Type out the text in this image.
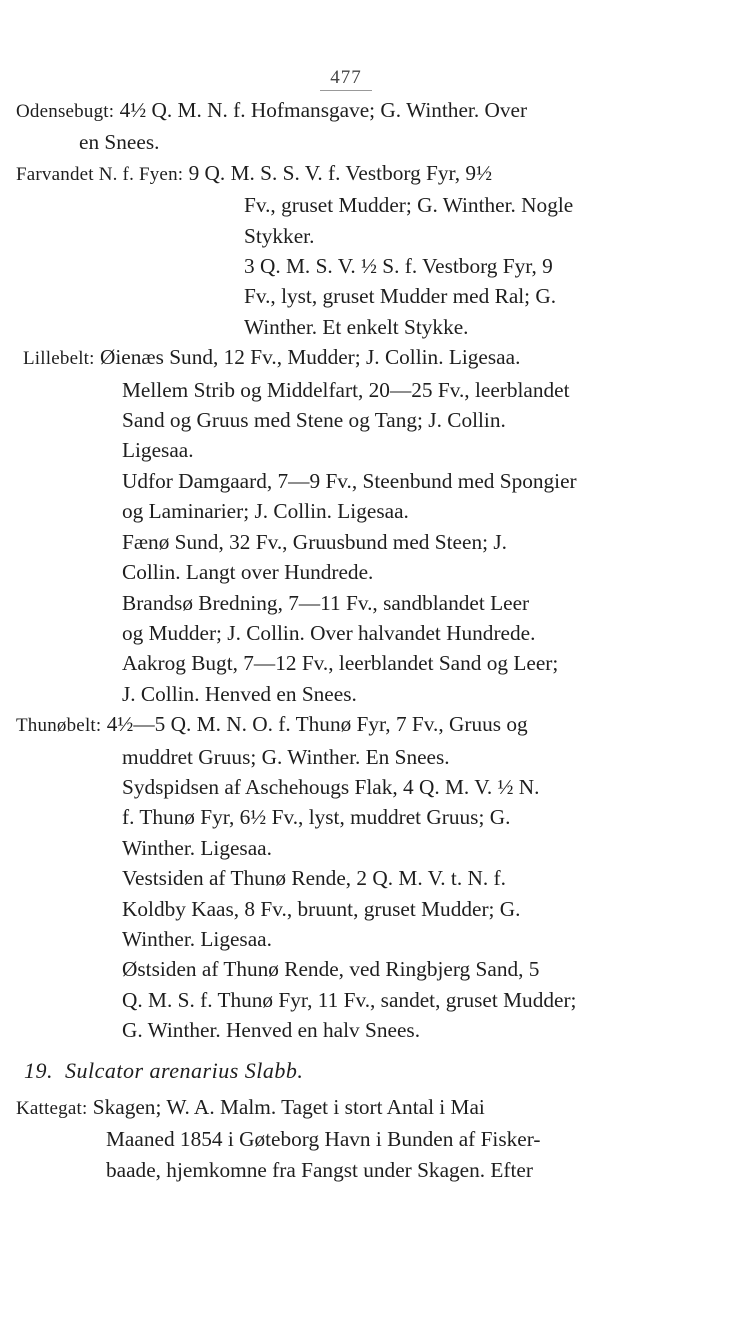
477
Odensebugt: 4½ Q. M. N. f. Hofmansgave; G. Winther. Over
en Snees.
Farvandet N. f. Fyen: 9 Q. M. S. S. V. f. Vestborg Fyr, 9½
Fv., gruset Mudder; G. Winther. Nogle
Stykker.
3 Q. M. S. V. ½ S. f. Vestborg Fyr, 9
Fv., lyst, gruset Mudder med Ral; G.
Winther. Et enkelt Stykke.
Lillebelt: Øienæs Sund, 12 Fv., Mudder; J. Collin. Ligesaa.
Mellem Strib og Middelfart, 20—25 Fv., leerblandet
Sand og Gruus med Stene og Tang; J. Collin.
Ligesaa.
Udfor Damgaard, 7—9 Fv., Steenbund med Spongier
og Laminarier; J. Collin. Ligesaa.
Fænø Sund, 32 Fv., Gruusbund med Steen; J.
Collin. Langt over Hundrede.
Brandsø Bredning, 7—11 Fv., sandblandet Leer
og Mudder; J. Collin. Over halvandet Hundrede.
Aakrog Bugt, 7—12 Fv., leerblandet Sand og Leer;
J. Collin. Henved en Snees.
Thunøbelt: 4½—5 Q. M. N. O. f. Thunø Fyr, 7 Fv., Gruus og
muddret Gruus; G. Winther. En Snees.
Sydspidsen af Aschehougs Flak, 4 Q. M. V. ½ N.
f. Thunø Fyr, 6½ Fv., lyst, muddret Gruus; G.
Winther. Ligesaa.
Vestsiden af Thunø Rende, 2 Q. M. V. t. N. f.
Koldby Kaas, 8 Fv., bruunt, gruset Mudder; G.
Winther. Ligesaa.
Østsiden af Thunø Rende, ved Ringbjerg Sand, 5
Q. M. S. f. Thunø Fyr, 11 Fv., sandet, gruset Mudder;
G. Winther. Henved en halv Snees.
19. Sulcator arenarius Slabb.
Kattegat: Skagen; W. A. Malm. Taget i stort Antal i Mai
Maaned 1854 i Gøteborg Havn i Bunden af Fisker-
baade, hjemkomne fra Fangst under Skagen. Efter
